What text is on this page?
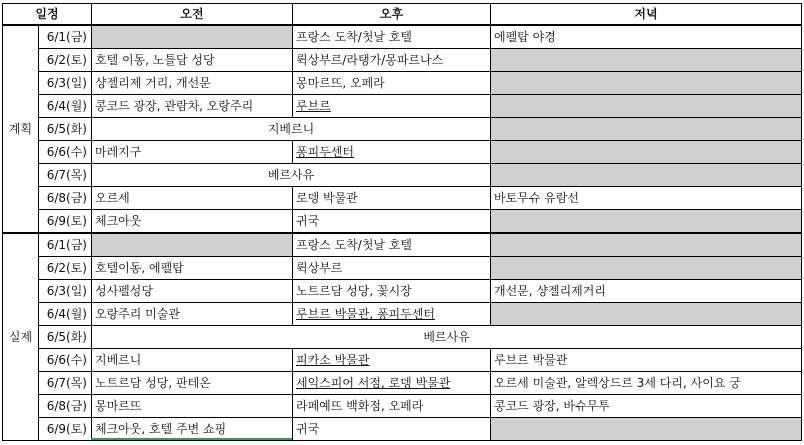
일정		오전	오후	저녁
계획	6/1(금)		프랑스 도착/첫날 호텔	에펠탑 야경
	6/2(토)	호텔 이동, 노틀담 성당	뤽상부르/라탱가/몽파르나스	
	6/3(일)	샹젤리제 거리, 개선문	몽마르뜨, 오페라	
	6/4(월)	콩코드 광장, 관람차, 오랑주리	루브르	
	6/5(화)	지베르니		
	6/6(수)	마레지구	퐁피두센터	
	6/7(목)	베르사유		
	6/8(금)	오르세	로뎅 박물관	바토무슈 유람선
	6/9(토)	체크아웃	귀국	
실제	6/1(금)		프랑스 도착/첫날 호텔	
	6/2(토)	호텔이동, 에펠탑	뤽상부르	
	6/3(일)	성사펠성당	노트르담 성당, 꽃시장	개선문, 샹젤리제거리
	6/4(월)	오랑주리 미술관	루브르 박물관, 퐁피두센터	
	6/5(화)	베르사유		
	6/6(수)	지베르니	피카소 박물관	루브르 박물관
	6/7(목)	노트르담 성당, 판테온	세익스피어 서점, 로뎅 박물관	오르세 미술관, 알렉상드르 3세 다리, 사이요 궁
	6/8(금)	몽마르뜨	라페예뜨 백화점, 오페라	콩코드 광장, 바슈무투
	6/9(토)	체크아웃, 호텔 주변 쇼핑	귀국	
